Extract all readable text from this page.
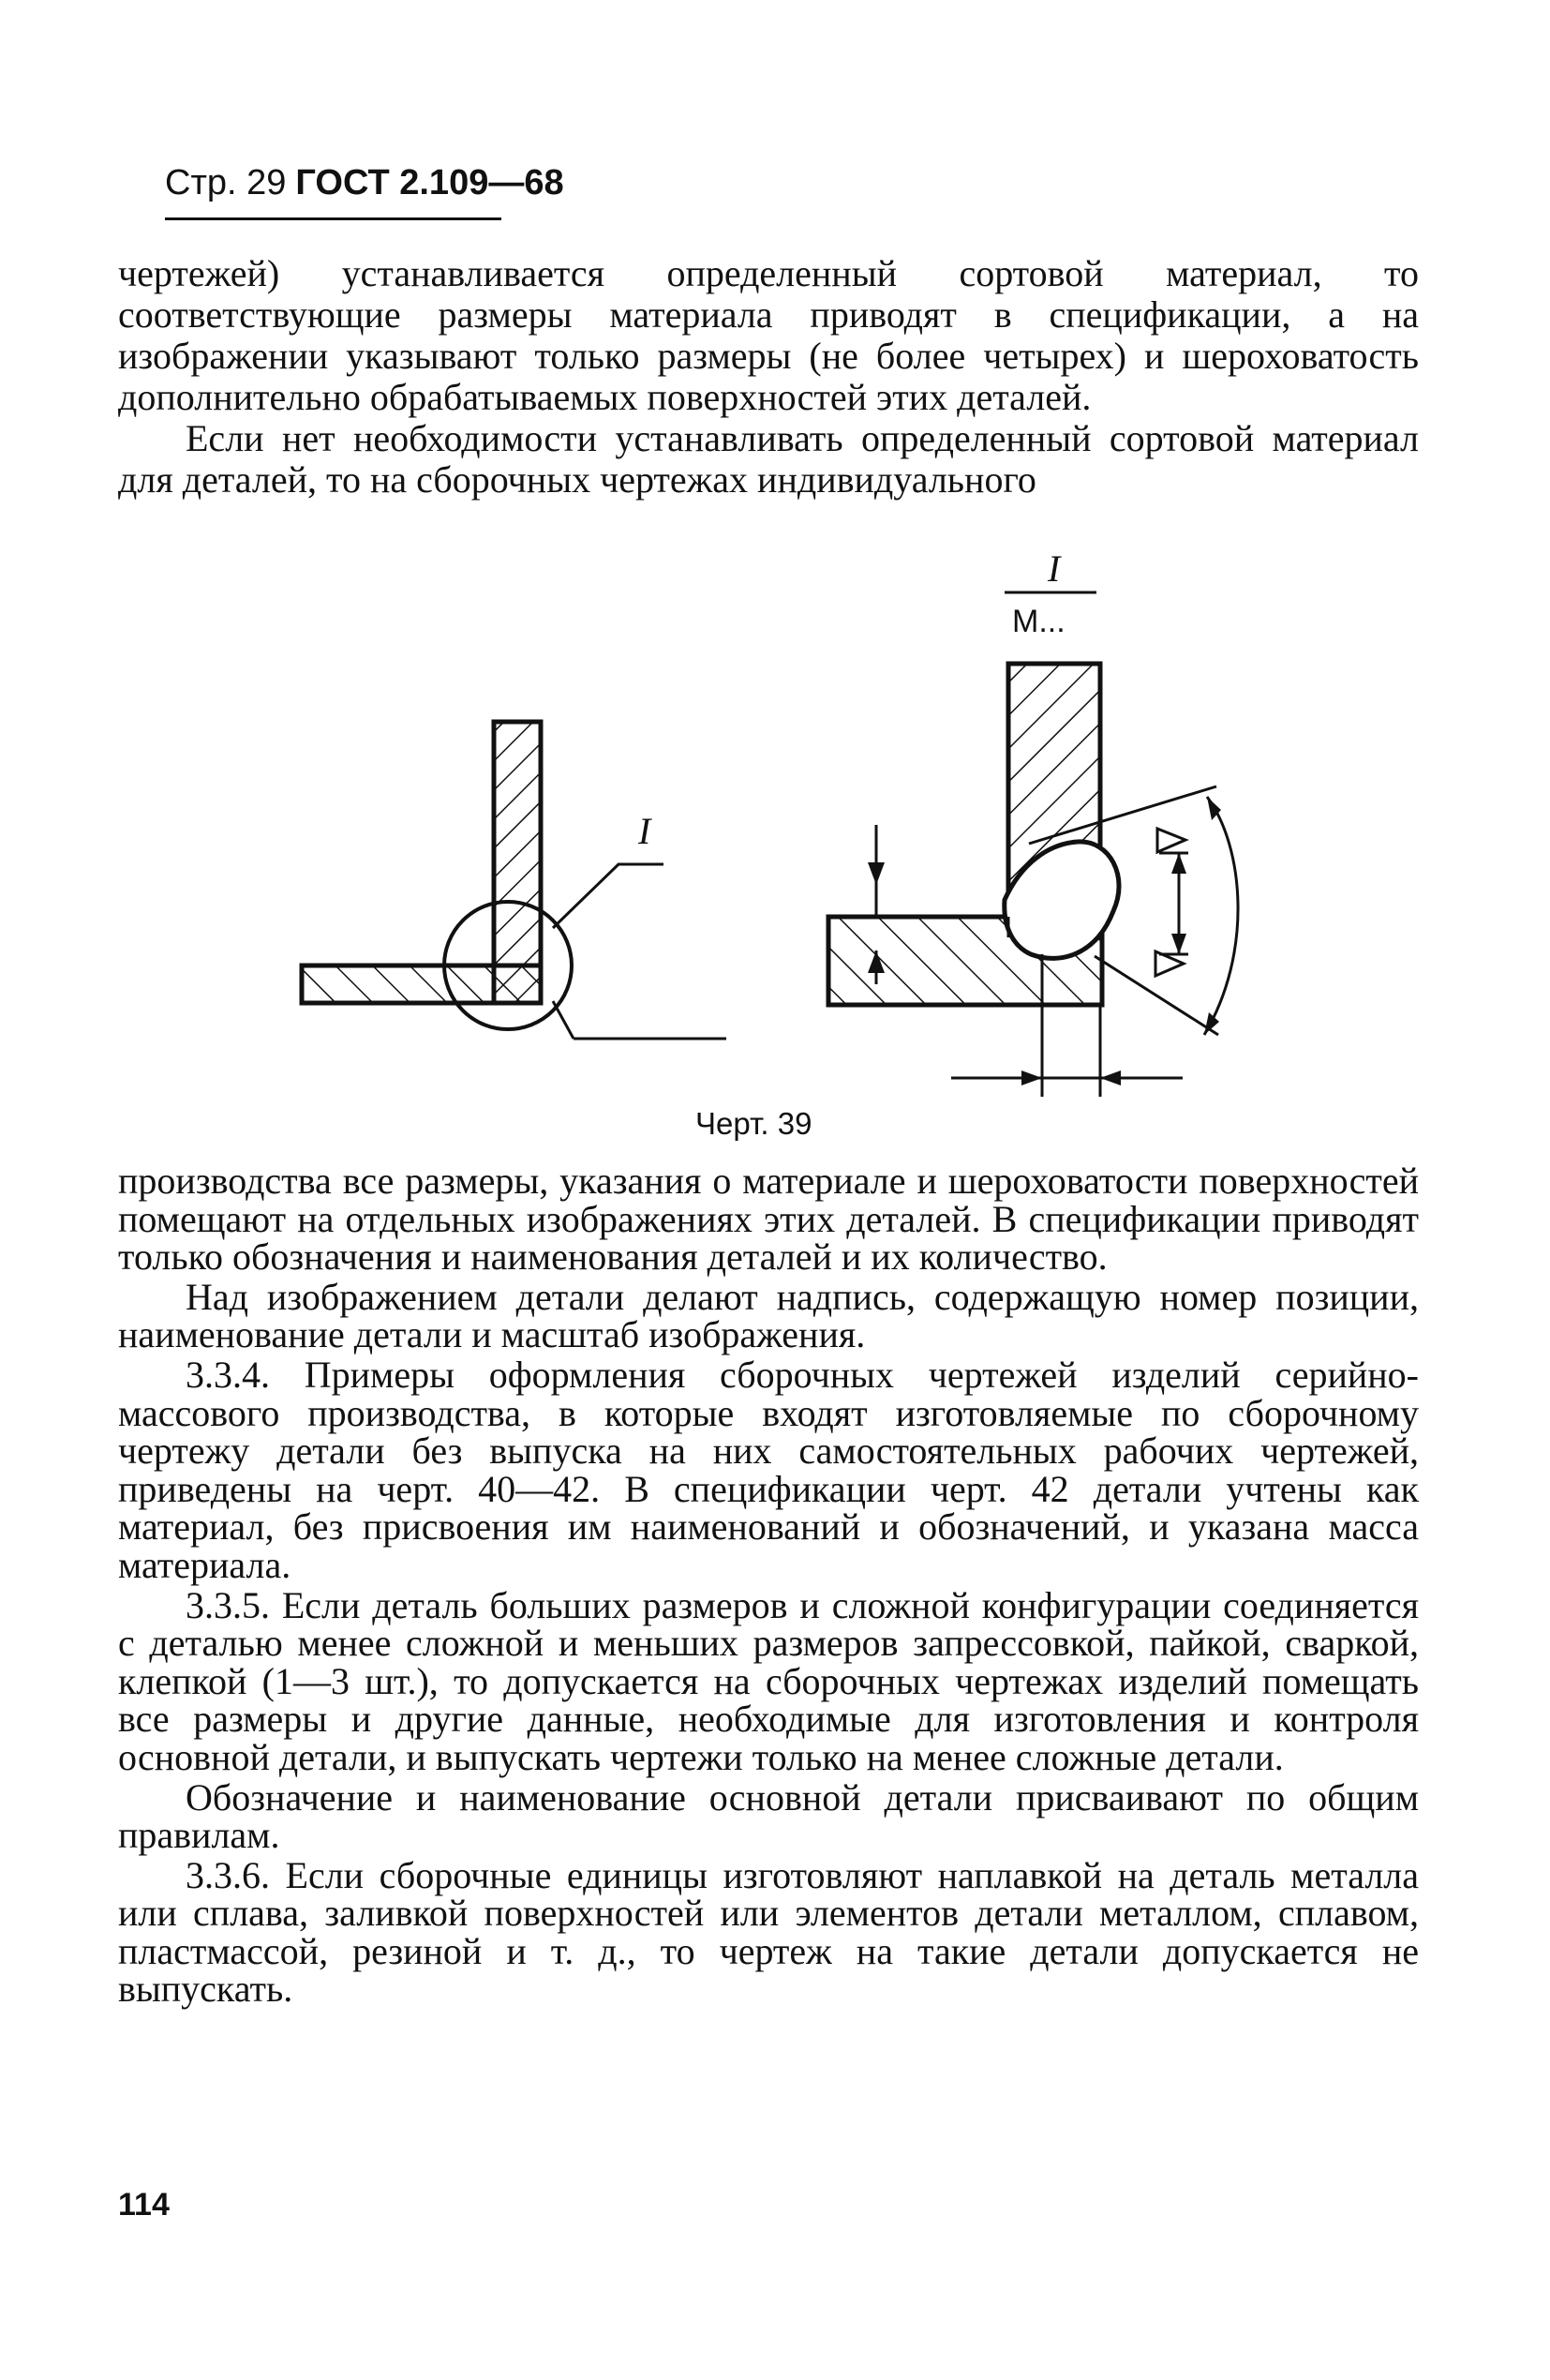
Стр. 29 ГОСТ 2.109—68

чертежей) устанавливается определенный сортовой материал, то соответствующие размеры материала приводят в спецификации, а на изображении указывают только размеры (не более четырех) и шероховатость дополнительно обрабатываемых поверхностей этих деталей.

Если нет необходимости устанавливать определенный сортовой материал для деталей, то на сборочных чертежах индивидуального

I
I
М...
Черт. 39

производства все размеры, указания о материале и шероховатости поверхностей помещают на отдельных изображениях этих деталей. В спецификации приводят только обозначения и наименования деталей и их количество.

Над изображением детали делают надпись, содержащую номер позиции, наименование детали и масштаб изображения.

3.3.4. Примеры оформления сборочных чертежей изделий серийно-массового производства, в которые входят изготовляемые по сборочному чертежу детали без выпуска на них самостоятельных рабочих чертежей, приведены на черт. 40—42. В спецификации черт. 42 детали учтены как материал, без присвоения им наименований и обозначений, и указана масса материала.

3.3.5. Если деталь больших размеров и сложной конфигурации соединяется с деталью менее сложной и меньших размеров запрессовкой, пайкой, сваркой, клепкой (1—3 шт.), то допускается на сборочных чертежах изделий помещать все размеры и другие данные, необходимые для изготовления и контроля основной детали, и выпускать чертежи только на менее сложные детали.

Обозначение и наименование основной детали присваивают по общим правилам.

3.3.6. Если сборочные единицы изготовляют наплавкой на деталь металла или сплава, заливкой поверхностей или элементов детали металлом, сплавом, пластмассой, резиной и т. д., то чертеж на такие детали допускается не выпускать.

114
